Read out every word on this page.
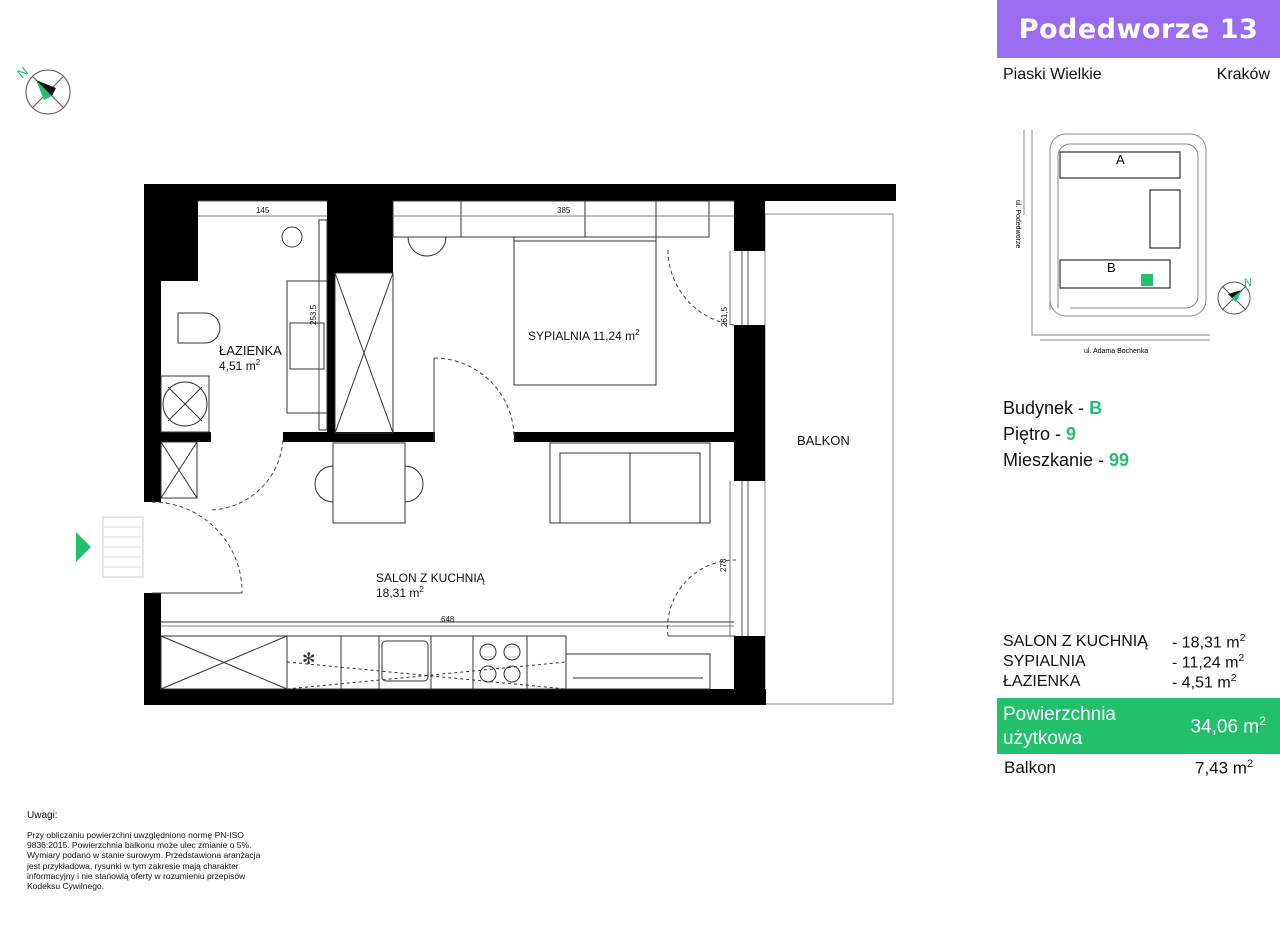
N
✻
ŁAZIENKA
4,51 $m^2$
SYPIALNIA 11,24 $m^2$
SALON Z KUCHNIĄ
18,31 $m^2$
BALKON
145	385
648
253,5	261,5
278
Podedworze 13
Piaski Wielkie	Kraków
A
B
ul. Podedworze
ul. Adama Bochenka
N
Budynek - B
Piętro - 9
Mieszkanie - 99
SALON Z KUCHNIĄ - 18,31 $m^2$
SYPIALNIA	- 11,24 $m^2$
ŁAZIENKA	- 4,51 $m^2$
Powierzchnia
użytkowa
34,06 $m^2$
Balkon	7,43 $m^2$
Uwagi:
Przy obliczaniu powierzchni uwzględniono normę PN-ISO 9836:2015. Powierzchnia balkonu może ulec zmianie o 5%. Wymiary podano w stanie surowym. Przedstawiona aranżacja jest przykładowa, rysunki w tym zakresie mają charakter informacyjny i nie stanowią oferty w rozumieniu przepisów Kodeksu Cywilnego.
